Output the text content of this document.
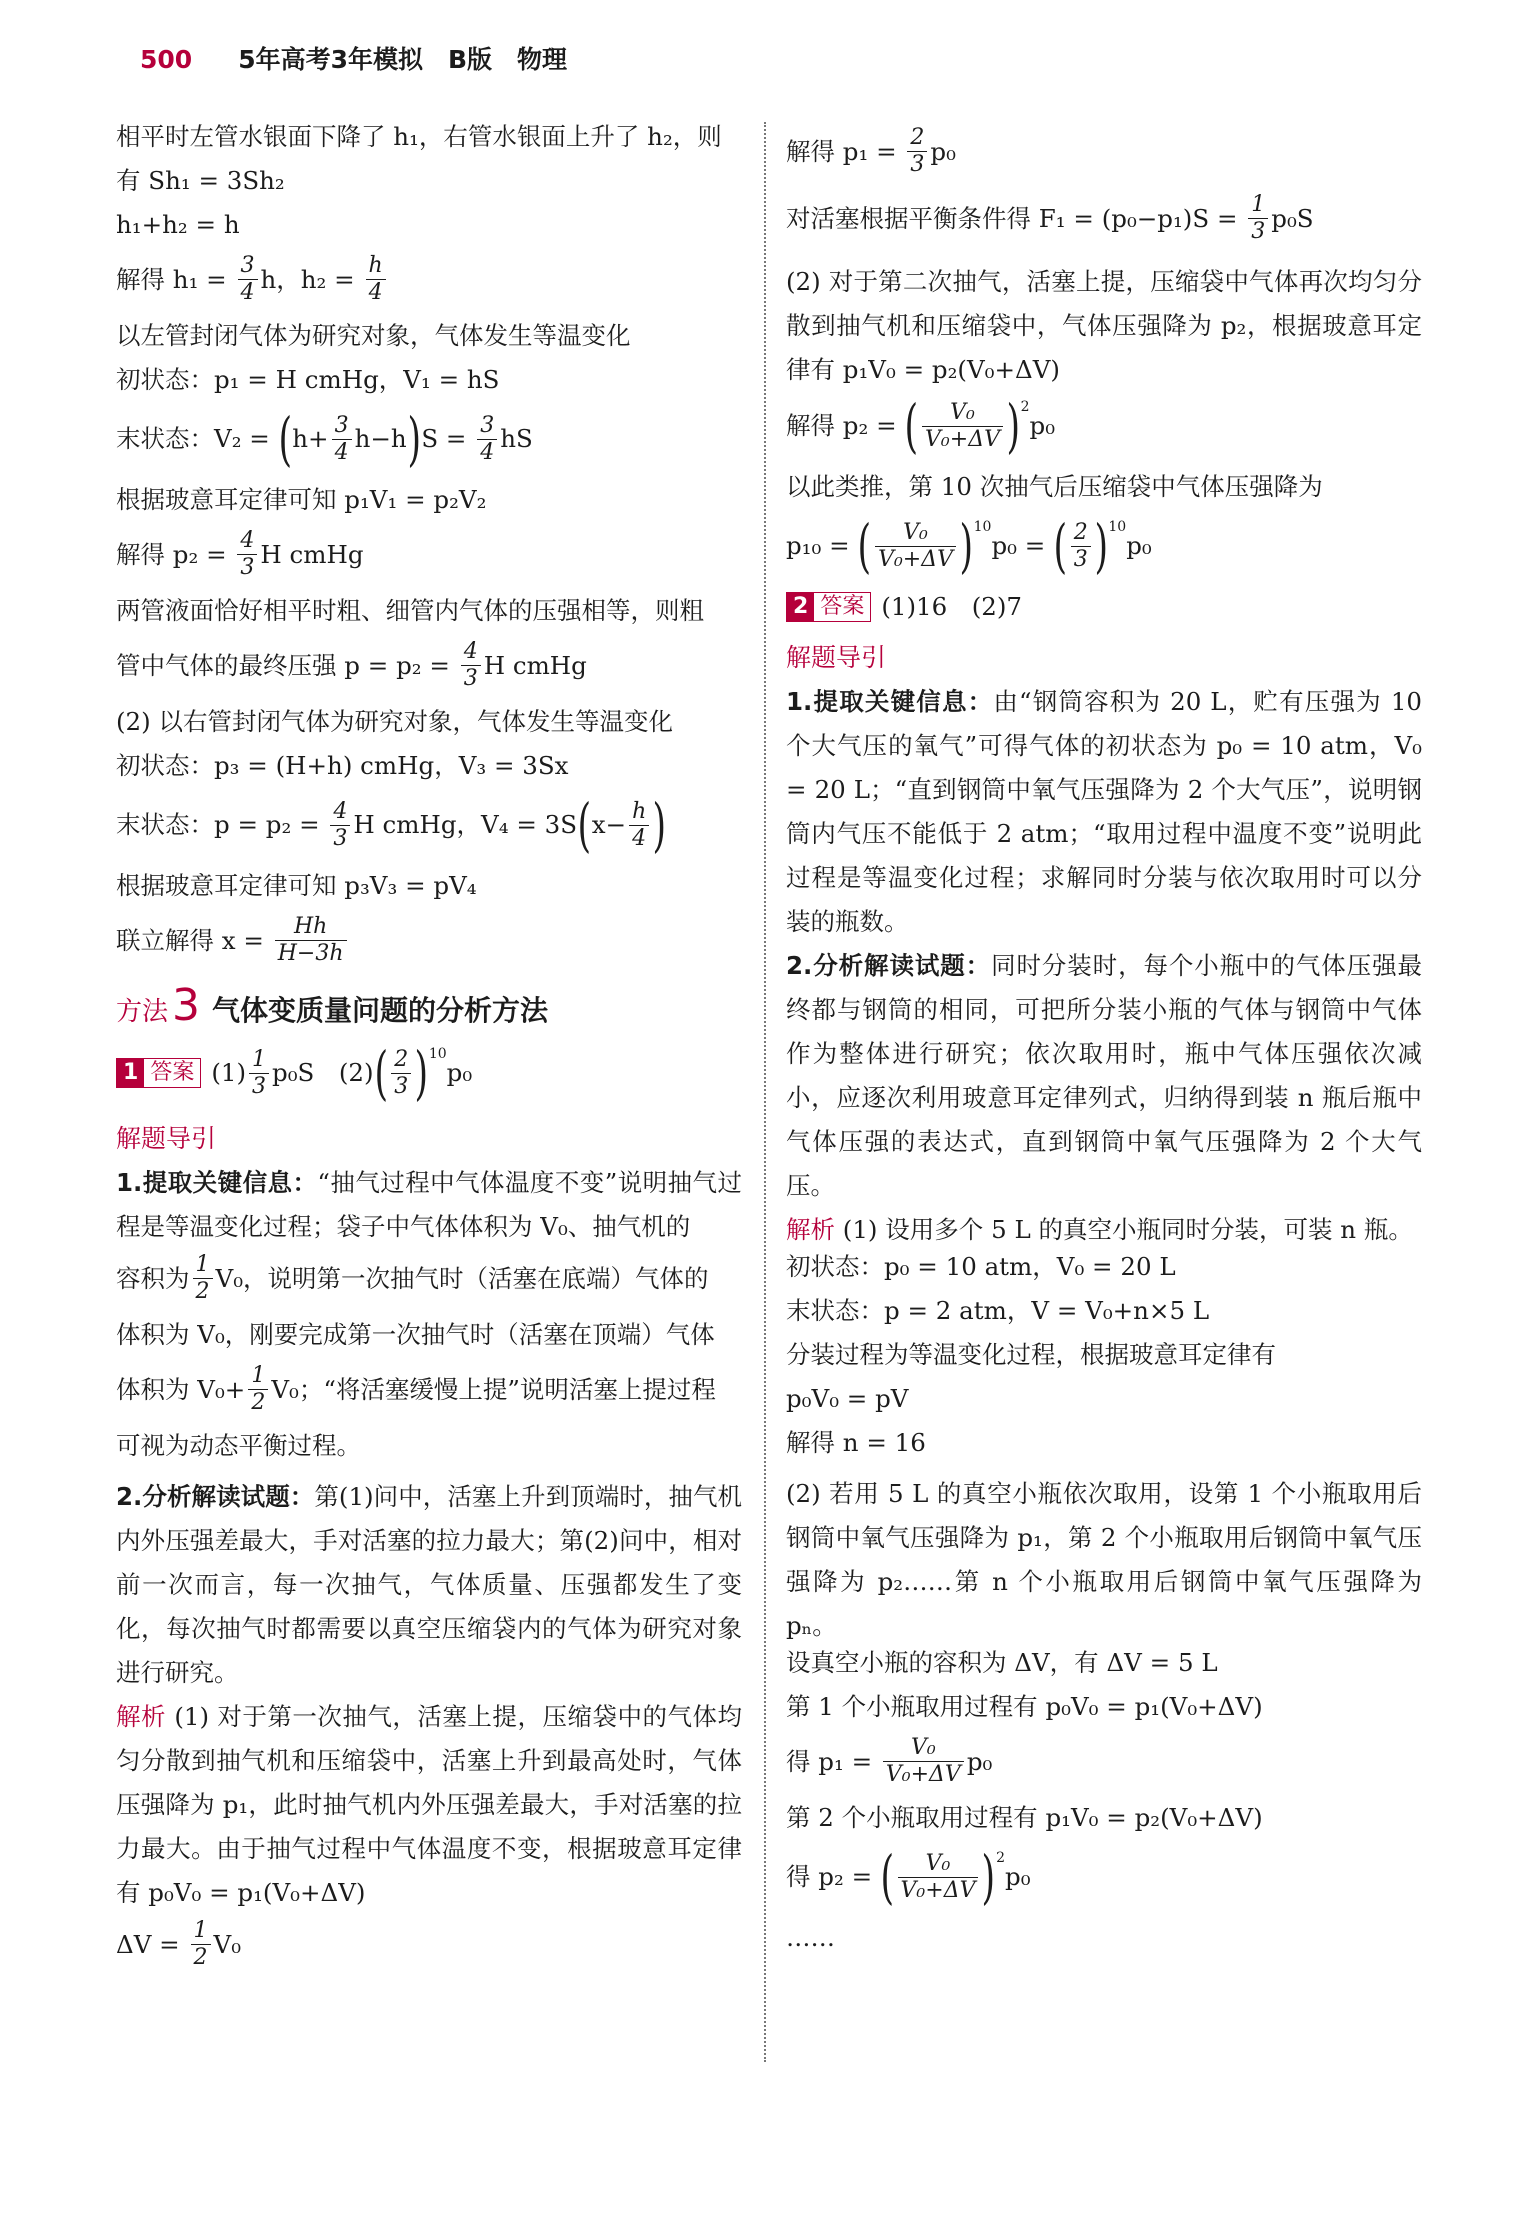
500 5年高考3年模拟　B版　物理
相平时左管水银面下降了 h₁，右管水银面上升了 h₂，则
有 Sh₁ = 3Sh₂
h₁+h₂ = h
解得 $h_1 = \frac{3}{4}$ h，$h_2 = \frac{h}{4}$
以左管封闭气体为研究对象，气体发生等温变化
初状态：p₁ = H cmHg，V₁ = hS
末状态：V₂ = ( $h+ \frac{3}{4} h-h$ ) $S = \frac{3}{4}$ hS
根据玻意耳定律可知 p₁V₁ = p₂V₂
解得 $p_2 = \frac{4}{3}$ H cmHg
两管液面恰好相平时粗、细管内气体的压强相等，则粗
管中气体的最终压强 $p = p_2 = \frac{4}{3}$ H cmHg
(2) 以右管封闭气体为研究对象，气体发生等温变化
初状态：p₃ = (H+h) cmHg，V₃ = 3Sx
末状态：$p = p_2 = \frac{4}{3}$ H cmHg，V₄ = 3S ( $x- \frac{h}{4}$ )
根据玻意耳定律可知 p₃V₃ = pV₄
联立解得 $x = \frac{Hh}{H-3h}$
方法 3 气体变质量问题的分析方法
1 答案 $(1) \frac{1}{3} p_0S$　(2) ( $\frac{2}{3}$ ) 10
p₀
解题导引
1.提取关键信息：“抽气过程中气体温度不变”说明抽气过程是等温变化过程；袋子中气体体积为 V₀、抽气机的
容积为 $\frac{1}{2} V_0$，说明第一次抽气时（活塞在底端）气体的
体积为 V₀，刚要完成第一次抽气时（活塞在顶端）气体
体积为 $V_0+ \frac{1}{2} V_0$；“将活塞缓慢上提”说明活塞上提过程
可视为动态平衡过程。
2.分析解读试题：第(1)问中，活塞上升到顶端时，抽气机内外压强差最大，手对活塞的拉力最大；第(2)问中，相对前一次而言，每一次抽气，气体质量、压强都发生了变化，每次抽气时都需要以真空压缩袋内的气体为研究对象进行研究。
解析 (1) 对于第一次抽气，活塞上提，压缩袋中的气体均匀分散到抽气机和压缩袋中，活塞上升到最高处时，气体压强降为 p₁，此时抽气机内外压强差最大，手对活塞的拉力最大。由于抽气过程中气体温度不变，根据玻意耳定律有 p₀V₀ = p₁(V₀+ΔV)
$\Delta V = \frac{1}{2} V_0$
解得 $p_1 = \frac{2}{3} p_0$
对活塞根据平衡条件得 $F_1 = (p_0-p_1)S = \frac{1}{3} p_0S$
(2) 对于第二次抽气，活塞上提，压缩袋中气体再次均匀分散到抽气机和压缩袋中，气体压强降为 p₂，根据玻意耳定律有 p₁V₀ = p₂(V₀+ΔV)
解得 p₂ = ( $\frac{\text{V₀}}{\text{V₀+ΔV}}$ ) 2
p₀
以此类推，第 10 次抽气后压缩袋中气体压强降为
p₁₀ = ( $\frac{\text{V₀}}{\text{V₀+ΔV}}$ ) 10
p₀ = ( $\frac{2}{3}$ ) 10
p₀
2 答案 (1)16　(2)7
解题导引
1.提取关键信息：由“钢筒容积为 20 L，贮有压强为 10 个大气压的氧气”可得气体的初状态为 p₀ = 10 atm，V₀ = 20 L；“直到钢筒中氧气压强降为 2 个大气压”，说明钢筒内气压不能低于 2 atm；“取用过程中温度不变”说明此过程是等温变化过程；求解同时分装与依次取用时可以分装的瓶数。
2.分析解读试题：同时分装时，每个小瓶中的气体压强最终都与钢筒的相同，可把所分装小瓶的气体与钢筒中气体作为整体进行研究；依次取用时，瓶中气体压强依次减小，应逐次利用玻意耳定律列式，归纳得到装 n 瓶后瓶中气体压强的表达式，直到钢筒中氧气压强降为 2 个大气压。
解析 (1) 设用多个 5 L 的真空小瓶同时分装，可装 n 瓶。
初状态：p₀ = 10 atm，V₀ = 20 L
末状态：p = 2 atm，V = V₀+n×5 L
分装过程为等温变化过程，根据玻意耳定律有
p₀V₀ = pV
解得 n = 16
(2) 若用 5 L 的真空小瓶依次取用，设第 1 个小瓶取用后钢筒中氧气压强降为 p₁，第 2 个小瓶取用后钢筒中氧气压强降为 p₂……第 n 个小瓶取用后钢筒中氧气压强降为 pₙ。
设真空小瓶的容积为 ΔV，有 ΔV = 5 L
第 1 个小瓶取用过程有 p₀V₀ = p₁(V₀+ΔV)
得 $p_1 = \frac{\text{V₀}}{\text{V₀+ΔV}} p_0$
第 2 个小瓶取用过程有 p₁V₀ = p₂(V₀+ΔV)
得 p₂ = ( $\frac{\text{V₀}}{\text{V₀+ΔV}}$ ) 2
p₀
……
